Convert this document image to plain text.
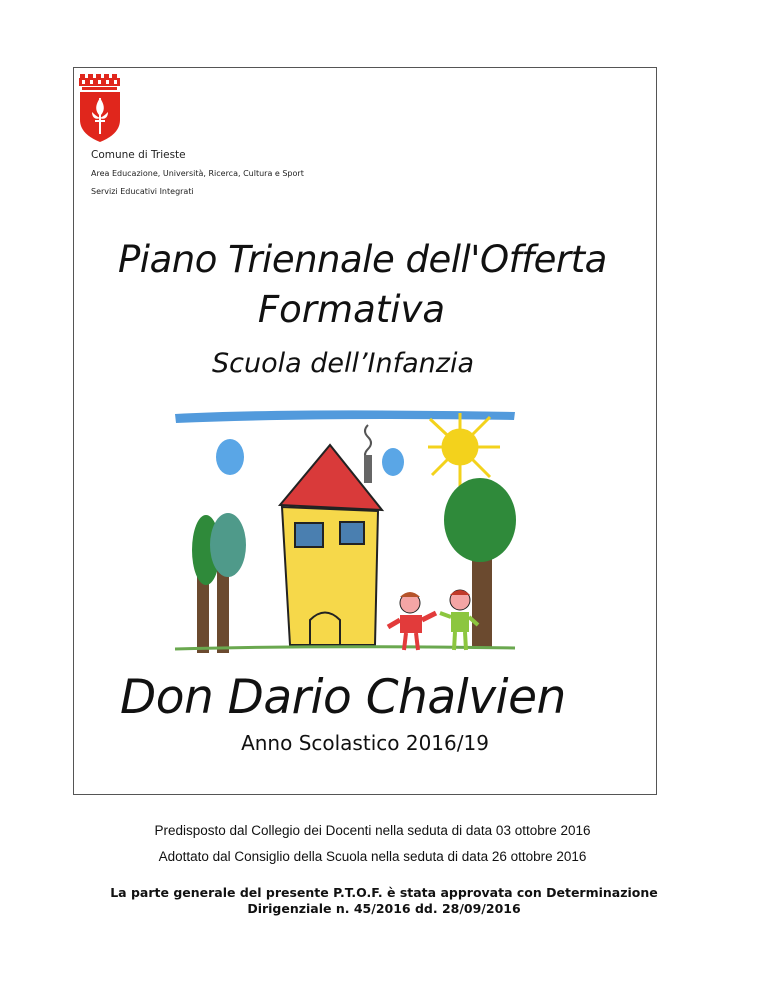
Comune di Trieste
Area Educazione, Università, Ricerca, Cultura e Sport
Servizi Educativi Integrati
Piano Triennale dell'Offerta
Formativa
Scuola dell’Infanzia
Don Dario Chalvien
Anno Scolastico 2016/19
Predisposto dal Collegio dei Docenti nella seduta di data 03 ottobre 2016
Adottato dal Consiglio della Scuola nella seduta di data 26 ottobre 2016
La parte generale del presente P.T.O.F. è stata approvata con Determinazione
Dirigenziale n. 45/2016 dd. 28/09/2016
